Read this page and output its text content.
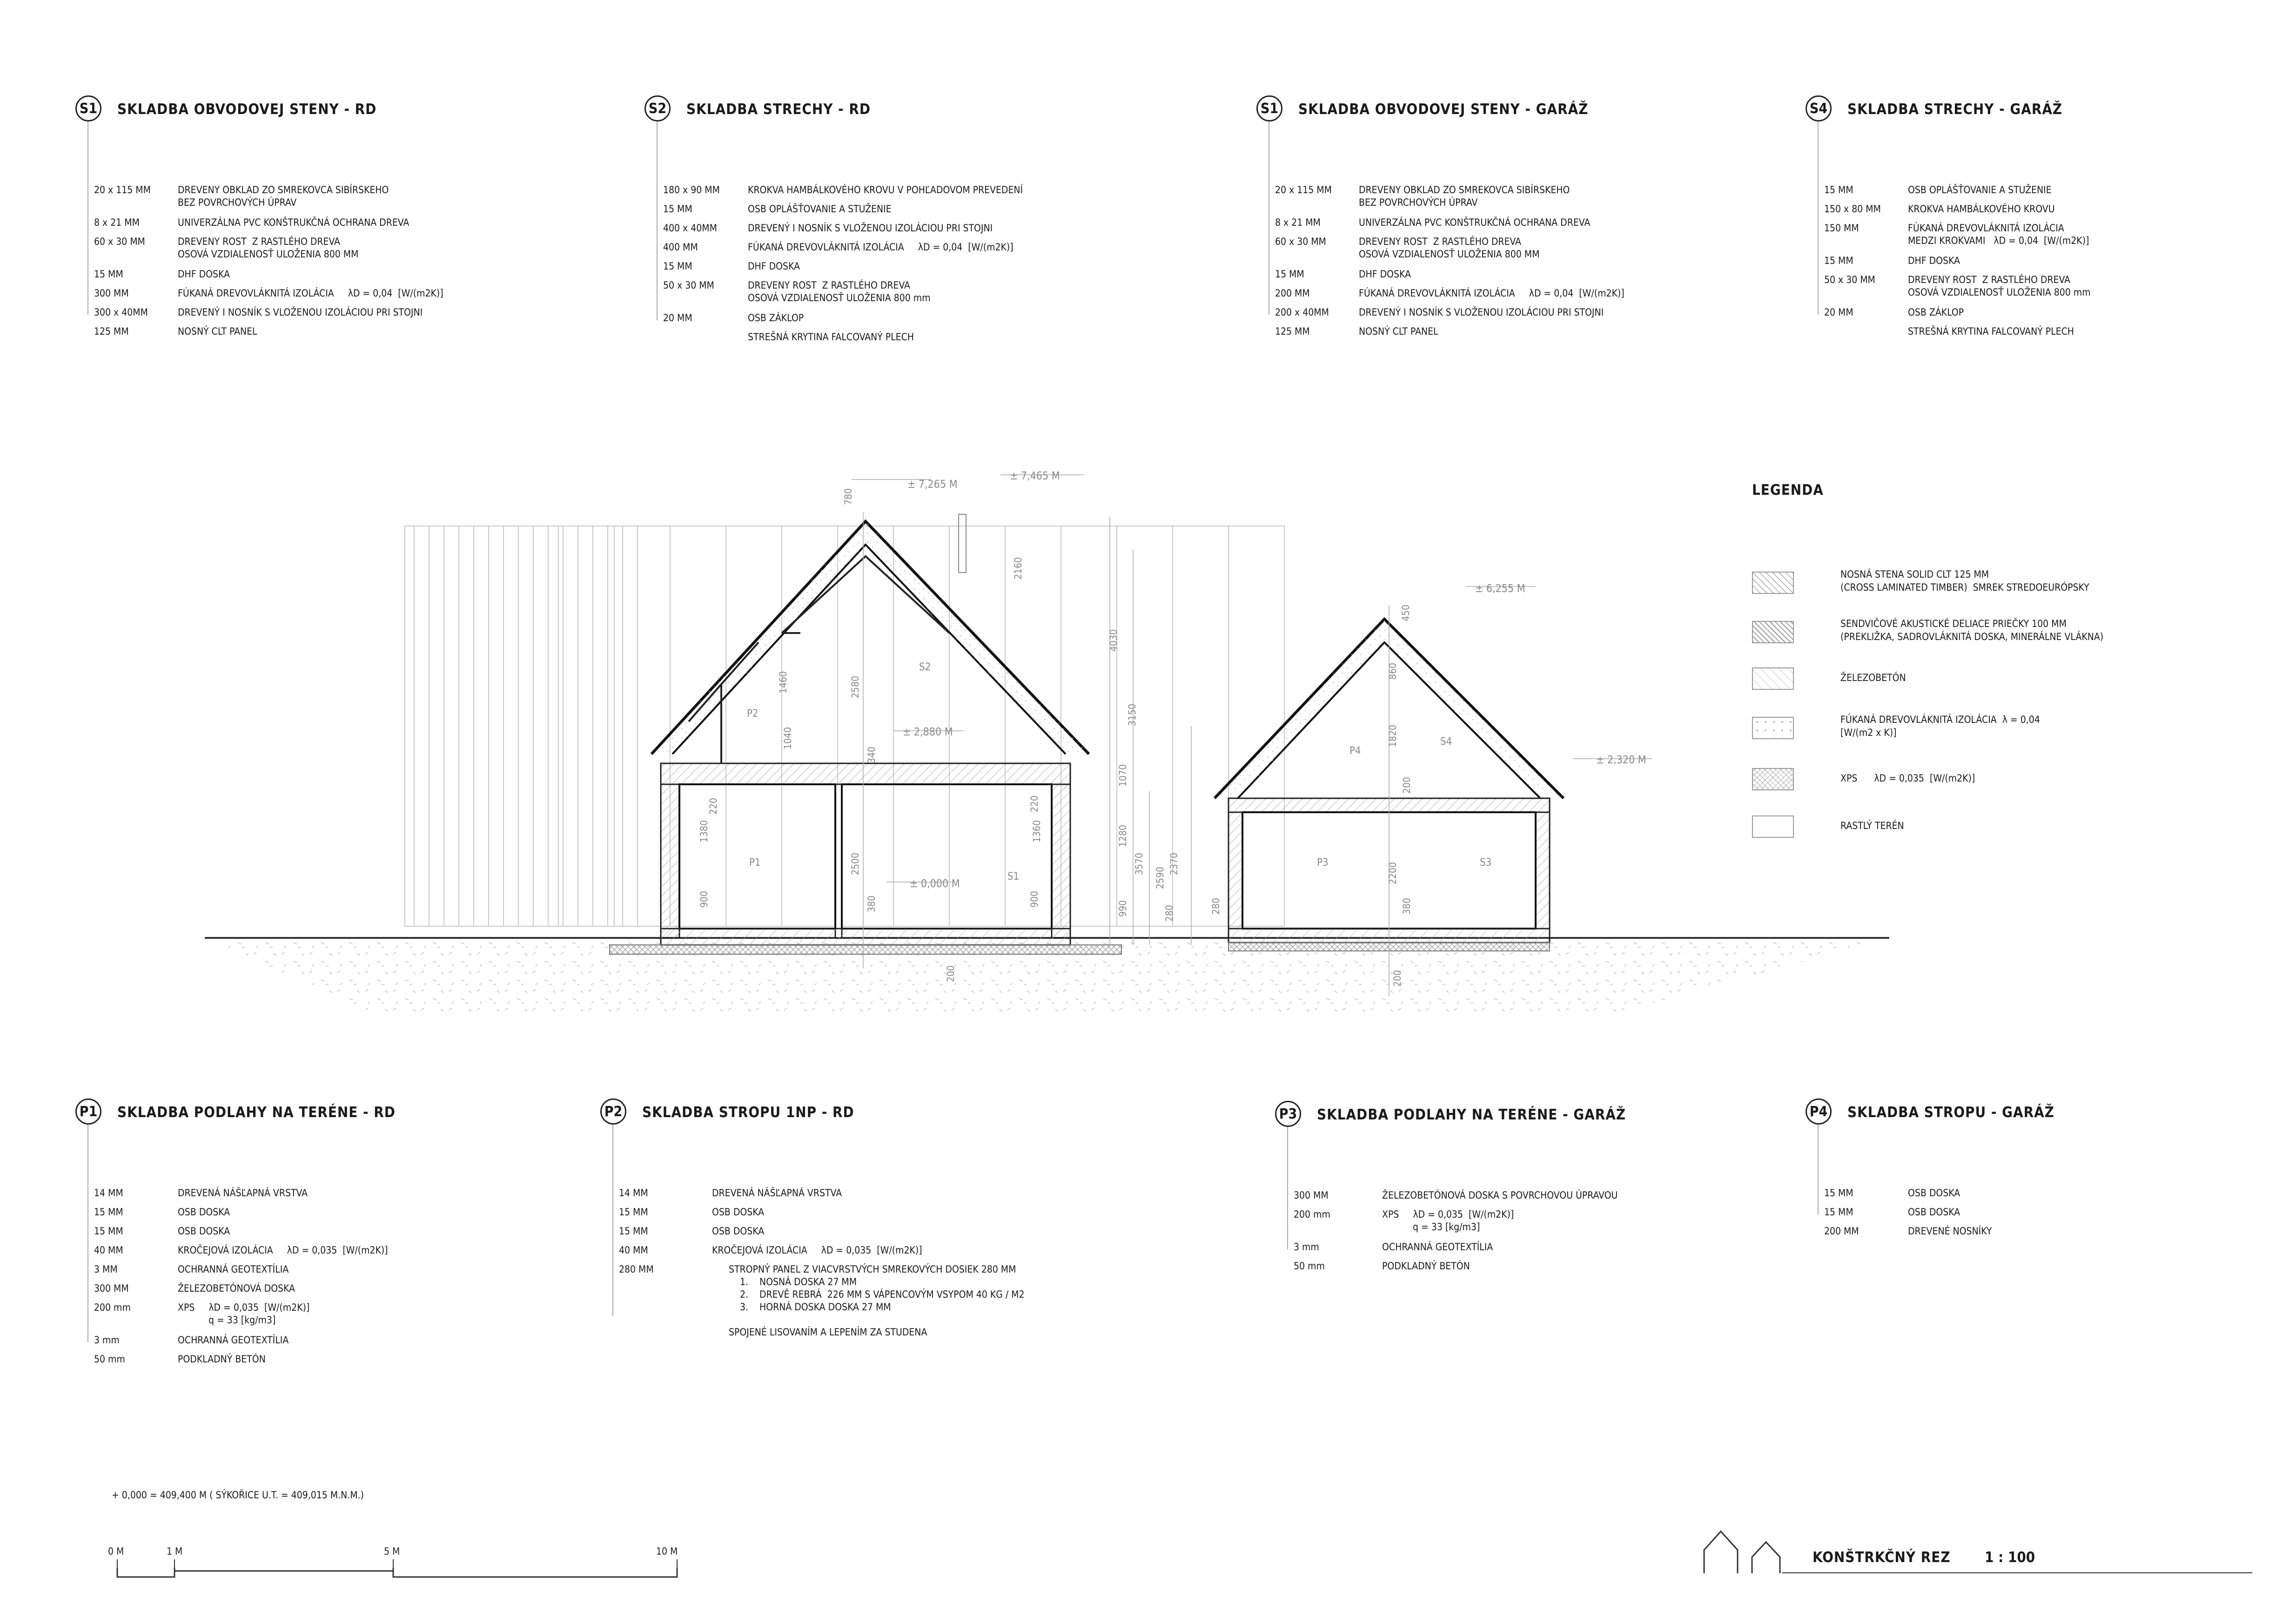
S1 SKLADBA OBVODOVEJ STENY - RD
20 x 115 MM	DREVENY OBKLAD ZO SMREKOVCA SIBÍRSKEHO
BEZ POVRCHOVÝCH ÚPRAV
8 x 21 MM	UNIVERZÁLNA PVC KONŠTRUKČNÁ OCHRANA DREVA
60 x 30 MM	DREVENY ROST  Z RASTLÉHO DREVA
OSOVÁ VZDIALENOSŤ ULOŽENIA 800 MM
15 MM	DHF DOSKA
300 MM	FÚKANÁ DREVOVLÁKNITÁ IZOLÁCIA     λD = 0,04  [W/(m2K)]
300 x 40MM	DREVENÝ I NOSNÍK S VLOŽENOU IZOLÁCIOU PRI STOJNI
125 MM	NOSNÝ CLT PANEL
S2 SKLADBA STRECHY - RD
180 x 90 MM	KROKVA HAMBÁLKOVÉHO KROVU V POHĽADOVOM PREVEDENÍ
15 MM	OSB OPLÁŠŤOVANIE A STUŽENIE
400 x 40MM	DREVENÝ I NOSNÍK S VLOŽENOU IZOLÁCIOU PRI STOJNI
400 MM	FÚKANÁ DREVOVLÁKNITÁ IZOLÁCIA     λD = 0,04  [W/(m2K)]
15 MM	DHF DOSKA
50 x 30 MM	DREVENY ROST  Z RASTLÉHO DREVA
OSOVÁ VZDIALENOSŤ ULOŽENIA 800 mm
20 MM	OSB ZÁKLOP
STREŠNÁ KRYTINA FALCOVANÝ PLECH
S1 SKLADBA OBVODOVEJ STENY - GARÁŽ
20 x 115 MM	DREVENY OBKLAD ZO SMREKOVCA SIBÍRSKEHO
BEZ POVRCHOVÝCH ÚPRAV
8 x 21 MM	UNIVERZÁLNA PVC KONŠTRUKČNÁ OCHRANA DREVA
60 x 30 MM	DREVENY ROST  Z RASTLÉHO DREVA
OSOVÁ VZDIALENOSŤ ULOŽENIA 800 MM
15 MM	DHF DOSKA
200 MM	FÚKANÁ DREVOVLÁKNITÁ IZOLÁCIA     λD = 0,04  [W/(m2K)]
200 x 40MM	DREVENÝ I NOSNÍK S VLOŽENOU IZOLÁCIOU PRI STOJNI
125 MM	NOSNÝ CLT PANEL
S4 SKLADBA STRECHY - GARÁŽ
15 MM	OSB OPLÁŠŤOVANIE A STUŽENIE
150 x 80 MM	KROKVA HAMBÁLKOVÉHO KROVU
150 MM	FÚKANÁ DREVOVLÁKNITÁ IZOLÁCIA
MEDZI KROKVAMI   λD = 0,04  [W/(m2K)]
15 MM	DHF DOSKA
50 x 30 MM	DREVENY ROST  Z RASTLÉHO DREVA
OSOVÁ VZDIALENOSŤ ULOŽENIA 800 mm
20 MM	OSB ZÁKLOP
STREŠNÁ KRYTINA FALCOVANÝ PLECH
P1 SKLADBA PODLAHY NA TERÉNE - RD
14 MM	DREVENÁ NÁŠĽAPNÁ VRSTVA
15 MM	OSB DOSKA
15 MM	OSB DOSKA
40 MM	KROČEJOVÁ IZOLÁCIA     λD = 0,035  [W/(m2K)]
3 MM	OCHRANNÁ GEOTEXTÍLIA
300 MM	ŽELEZOBETÓNOVÁ DOSKA
200 mm	XPS     λD = 0,035  [W/(m2K)]
q = 33 [kg/m3]
3 mm	OCHRANNÁ GEOTEXTÍLIA
50 mm	PODKLADNÝ BETÓN
P2 SKLADBA STROPU 1NP - RD
14 MM	DREVENÁ NÁŠĽAPNÁ VRSTVA
15 MM	OSB DOSKA
15 MM	OSB DOSKA
40 MM	KROČEJOVÁ IZOLÁCIA     λD = 0,035  [W/(m2K)]
280 MM	STROPNÝ PANEL Z VIACVRSTVÝCH SMREKOVÝCH DOSIEK 280 MM
1.    NOSNÁ DOSKA 27 MM
2.    DREVĚ REBRÁ  226 MM S VÁPENCOVÝM VSYPOM 40 KG / M2
3.    HORNÁ DOSKA DOSKA 27 MM

SPOJENÉ LISOVANÍM A LEPENÍM ZA STUDENA
P3 SKLADBA PODLAHY NA TERÉNE - GARÁŽ
300 MM	ŽELEZOBETÓNOVÁ DOSKA S POVRCHOVOU ÚPRAVOU
200 mm	XPS     λD = 0,035  [W/(m2K)]
q = 33 [kg/m3]
3 mm	OCHRANNÁ GEOTEXTÍLIA
50 mm	PODKLADNÝ BETÓN
P4 SKLADBA STROPU - GARÁŽ
15 MM	OSB DOSKA
15 MM	OSB DOSKA
200 MM	DREVENÉ NOSNÍKY
± 7,265 M
± 7,465 M
± 6,255 M
± 2,880 M
± 2,320 M
± 0,000 M
780
2160
4030
1460	2580
1040
340
1070
3150
3570
1280
2590
2370
1380
220
2500
380
900
1360
220
900	280
990	280
200
450
860
1820
200
2200
380
200
S2
P2
P1
S1
P4
S4
P3	S3
LEGENDA
NOSNÁ STENA SOLID CLT 125 MM
(CROSS LAMINATED TIMBER)  SMREK STREDOEURÓPSKY
SENDVIČOVÉ AKUSTICKÉ DELIACE PRIEČKY 100 MM
(PREKLIŽKA, SADROVLÁKNITÁ DOSKA, MINERÁLNE VLÁKNA)
ŽELEZOBETÓN
FÚKANÁ DREVOVLÁKNITÁ IZOLÁCIA  λ = 0,04
[W/(m2 x K)]
XPS      λD = 0,035  [W/(m2K)]
RASTLÝ TERÉN
+ 0,000 = 409,400 M ( SÝKOŘICE U.T. = 409,015 M.N.M.)
0 M	1 M	5 M	10 M	KONŠTRKČNÝ REZ 1 : 100
